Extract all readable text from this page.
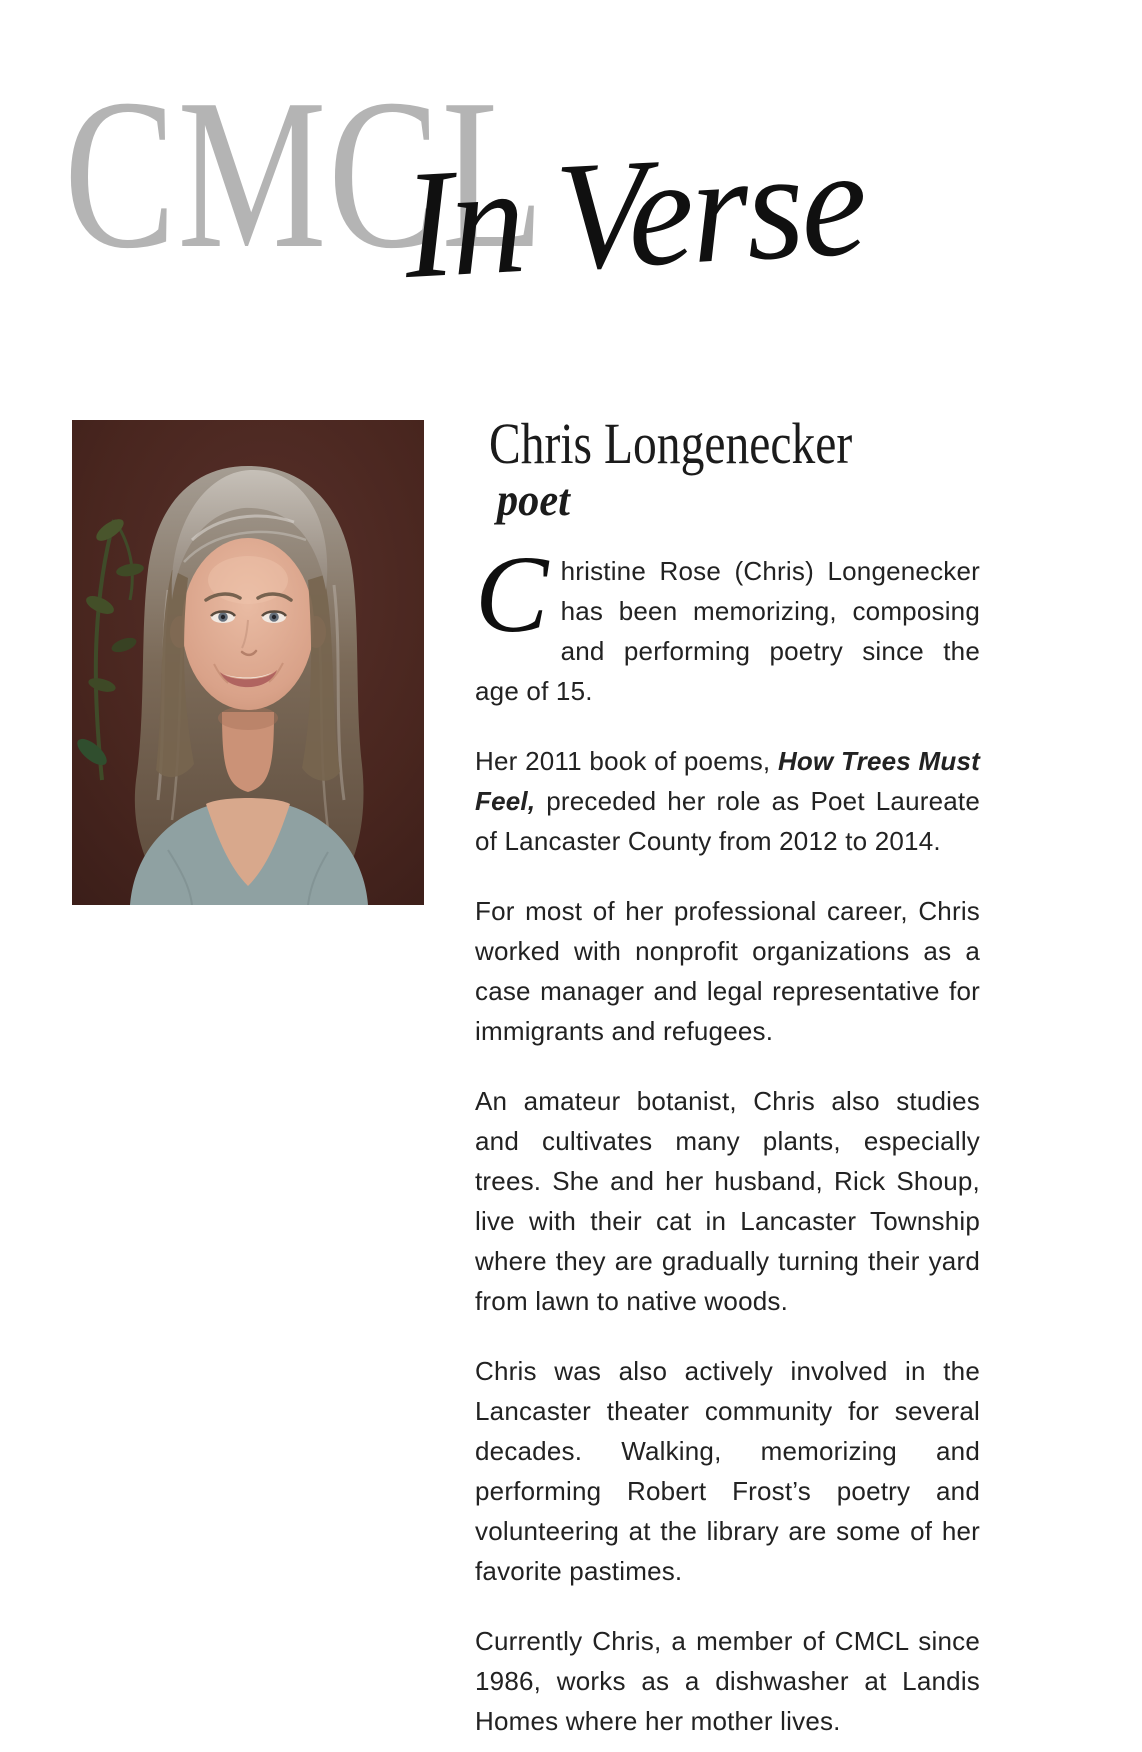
CMCL
In Verse
Chris Longenecker
poet

Christine Rose (Chris) Longenecker has been memorizing, composing and performing poetry since the age of 15.

Her 2011 book of poems, How Trees Must Feel, preceded her role as Poet Laureate of Lancaster County from 2012 to 2014.

For most of her professional career, Chris worked with nonprofit organizations as a case manager and legal representative for immigrants and refugees.

An amateur botanist, Chris also studies and cultivates many plants, especially trees. She and her husband, Rick Shoup, live with their cat in Lancaster Township where they are gradually turning their yard from lawn to native woods.

Chris was also actively involved in the Lancaster theater community for several decades. Walking, memorizing and performing Robert Frost’s poetry and volunteering at the library are some of her favorite pastimes.

Currently Chris, a member of CMCL since 1986, works as a dishwasher at Landis Homes where her mother lives.
